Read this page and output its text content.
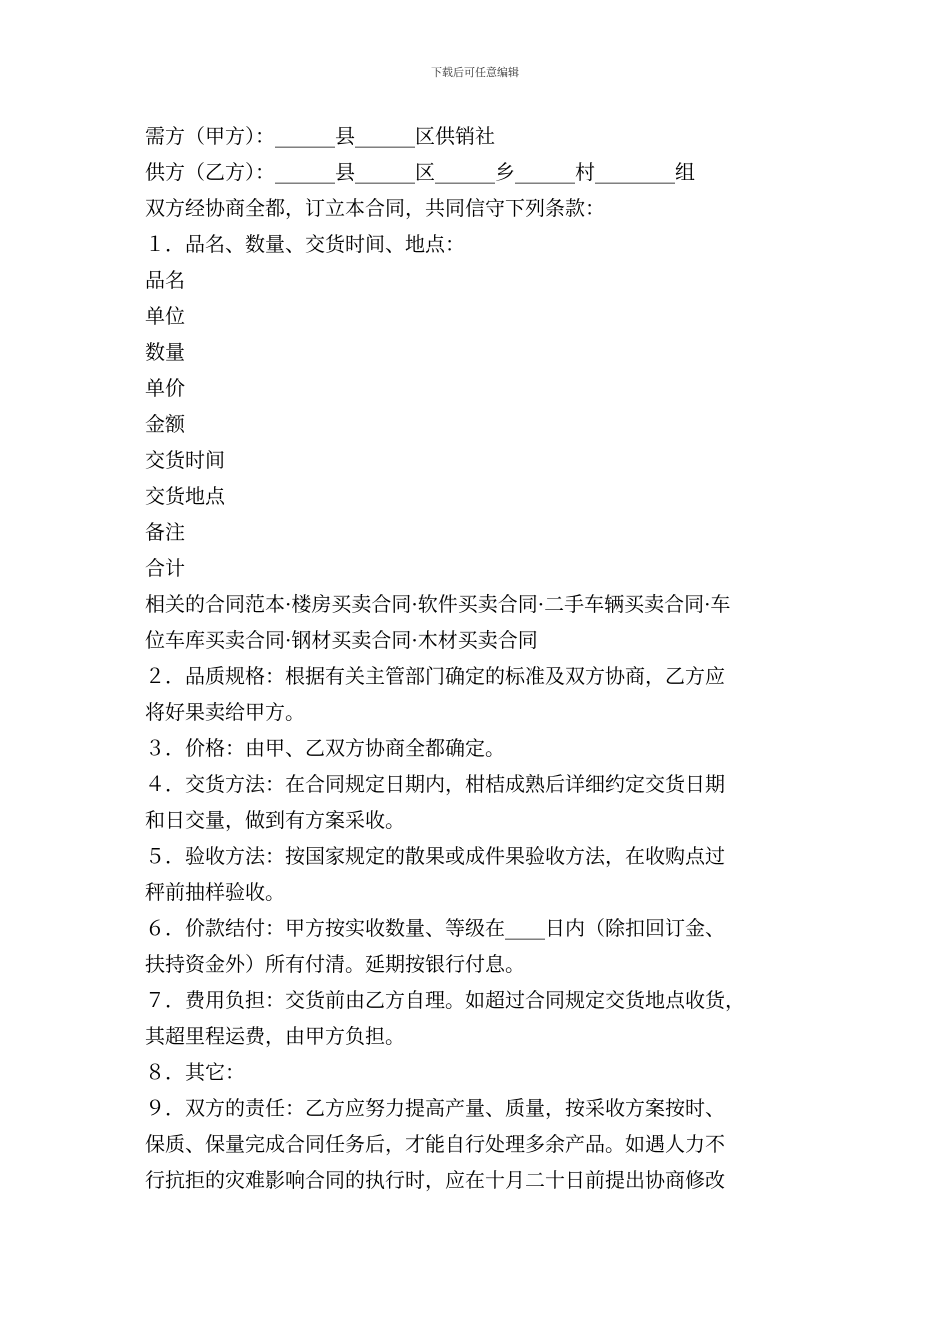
下载后可任意编辑
需方（甲方）：______县______区供销社
供方（乙方）：______县______区______乡______村________组
双方经协商全都，订立本合同，共同信守下列条款：
１．品名、数量、交货时间、地点：
品名
单位
数量
单价
金额
交货时间
交货地点
备注
合计
相关的合同范本·楼房买卖合同·软件买卖合同·二手车辆买卖合同·车
位车库买卖合同·钢材买卖合同·木材买卖合同
２．品质规格：根据有关主管部门确定的标准及双方协商，乙方应
将好果卖给甲方。
３．价格：由甲、乙双方协商全都确定。
４．交货方法：在合同规定日期内，柑桔成熟后详细约定交货日期
和日交量，做到有方案采收。
５．验收方法：按国家规定的散果或成件果验收方法，在收购点过
秤前抽样验收。
６．价款结付：甲方按实收数量、等级在____日内（除扣回订金、
扶持资金外）所有付清。延期按银行付息。
７．费用负担：交货前由乙方自理。如超过合同规定交货地点收货，
其超里程运费，由甲方负担。
８．其它：
９．双方的责任：乙方应努力提高产量、质量，按采收方案按时、
保质、保量完成合同任务后，才能自行处理多余产品。如遇人力不
行抗拒的灾难影响合同的执行时，应在十月二十日前提出协商修改
